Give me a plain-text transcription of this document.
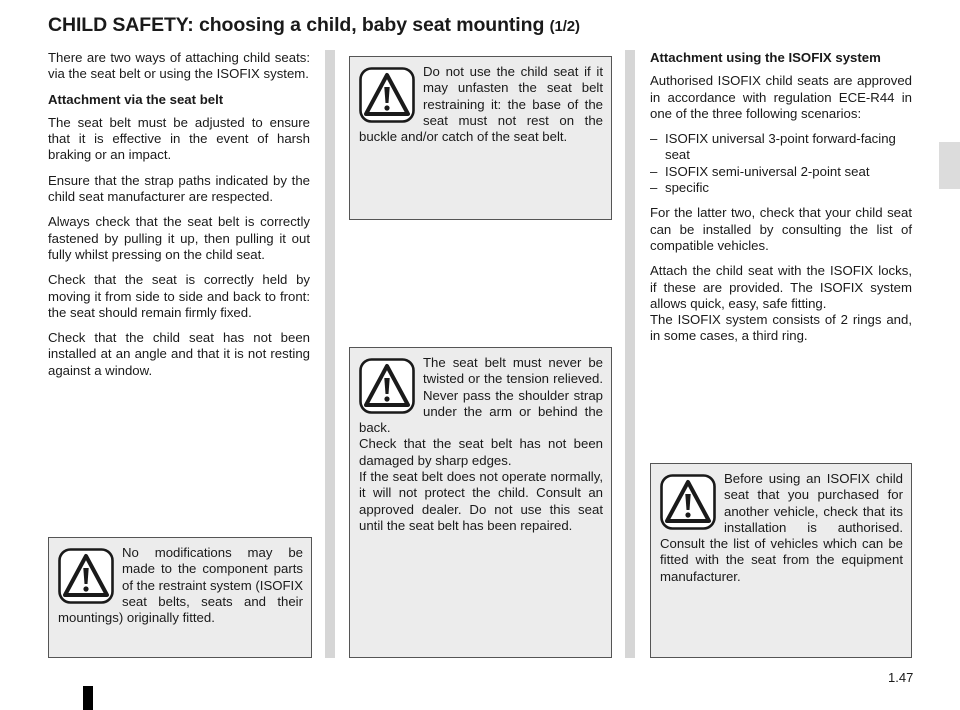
CHILD SAFETY: choosing a child, baby seat mounting (1/2)

There are two ways of attaching child seats: via the seat belt or using the ISOFIX system.

Attachment via the seat belt

The seat belt must be adjusted to ensure that it is effective in the event of harsh braking or an impact.

Ensure that the strap paths indicated by the child seat manufacturer are respected.

Always check that the seat belt is correctly fastened by pulling it up, then pulling it out fully whilst pressing on the child seat.

Check that the seat is correctly held by moving it from side to side and back to front: the seat should remain firmly fixed.

Check that the child seat has not been installed at an angle and that it is not resting against a window.

Do not use the child seat if it may unfasten the seat belt restraining it: the base of the seat must not rest on the buckle and/or catch of the seat belt.
The seat belt must never be twisted or the tension relieved. Never pass the shoulder strap under the arm or behind the back.
Check that the seat belt has not been damaged by sharp edges.
If the seat belt does not operate normally, it will not protect the child. Consult an approved dealer. Do not use this seat until the seat belt has been repaired.
No modifications may be made to the component parts of the restraint system (ISOFIX seat belts, seats and their mountings) originally fitted.
Before using an ISOFIX child seat that you purchased for another vehicle, check that its installation is authorised. Consult the list of vehicles which can be fitted with the seat from the equipment manufacturer.
Attachment using the ISOFIX system

Authorised ISOFIX child seats are approved in accordance with regulation ECE-R44 in one of the three following scenarios:

– ISOFIX universal 3-point forward-facing seat
– ISOFIX semi-universal 2-point seat
– specific

For the latter two, check that your child seat can be installed by consulting the list of compatible vehicles.

Attach the child seat with the ISOFIX locks, if these are provided. The ISOFIX system allows quick, easy, safe fitting.

The ISOFIX system consists of 2 rings and, in some cases, a third ring.

1.47
